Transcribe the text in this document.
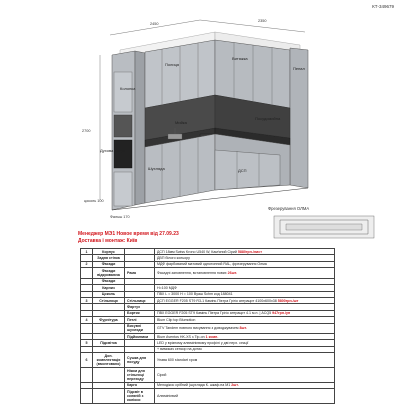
КТ-349679
2450
2350
2700
Колонка
Полиця
Витяжка
Посудомийна
Мийка
Духова шафа
Пенал
Шухляда	ДСП
цоколь 100
Фальш 170
Менеджер МЭ1 Новое время від 27.09.23
Доставка і монтаж: Київ
Фрезерування ОЛМА
1	Корпус		ДСП 18мм Swiss Krono U540 W, Кам'яний Сірий 5880грн./лист
	Задня стінка		ДВП білого кольору
2	Фасади		МДФ фарбований матовий однотонний RAL, фрезерування Олма
	Фасади відкриваюча	Рама	Фасадні заповнення, встановлення нових 26шт.
	Фасади		
	Карниз		Н=100 МДФ
	Цоколь		ПВХ L = 3000 Н = 100 Вуаш Schm код 188041
3	Стільниця	Стільниця	ДСП EGGER F205 ST9 R3-1 Камінь Пієтра Грігіо антрацит 4100х600х38 5800грн./шт
		Фартух	
		Бортик	ПВХ EGGER F205 ST9 Камінь Пієтра Грігіо антрацит 4.1 м.п. | ACQ5 947грн./уп
4	Фурнітура	Петлі	Blum Clip top Blumotion
		Висувні шухляди	GTV Tandem повного висування з доводжувачем 8шт.
		Підйомники	Blum Aventos HK-XS з Tip-on 1 комп.
5	Підсвітка		LED у врізному алюмінієвому профілі у дві нерх. секції
			+ вимикач сенсор на дотик
6	Доп. комплектація (вмонтовано)	Сушка для посуду	Упава 600 standart хром
		Ніжки для стільниці переходу	Сірий
		Карго	Мелодікос срібний (шухляда К. шкаф.на М1 2шт.
		Підсвіт в скляній з коліоси	Алюмінієвий
